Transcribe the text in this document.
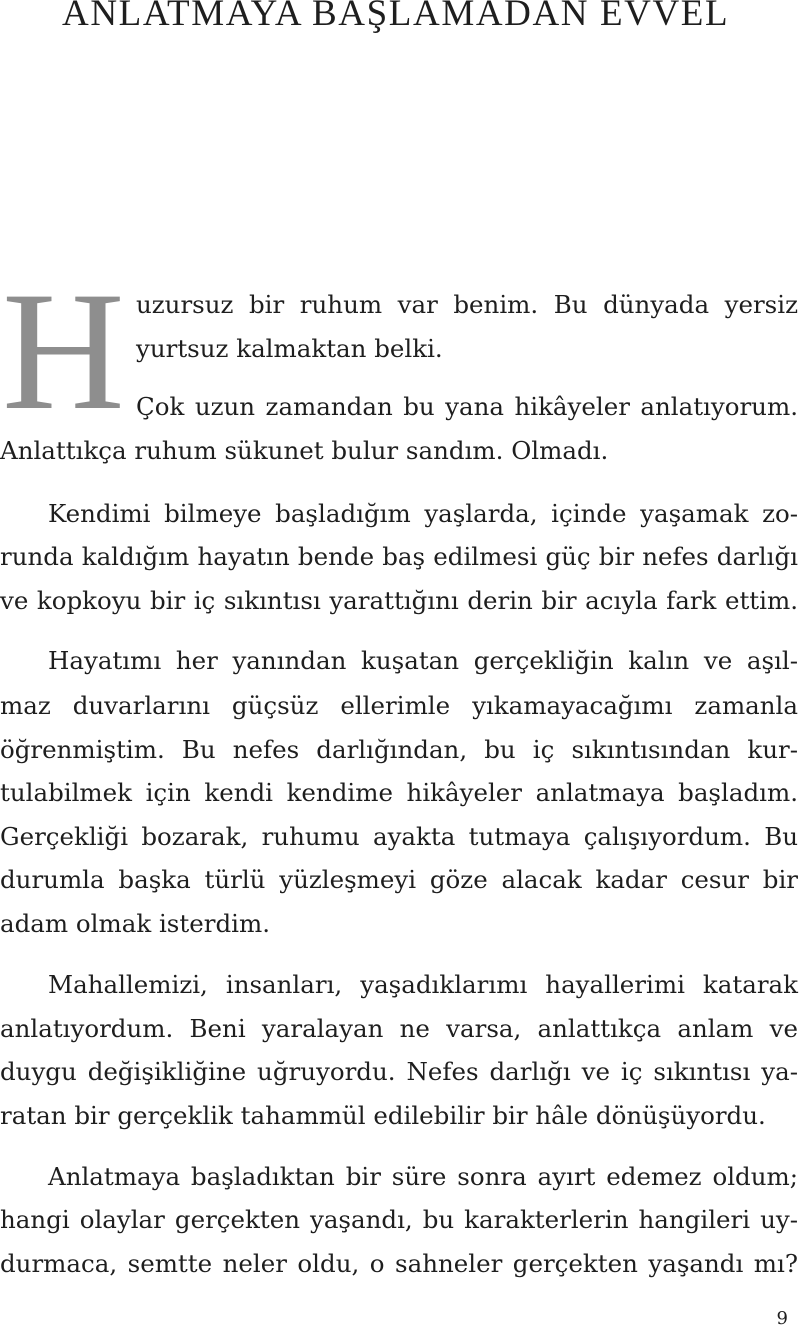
ANLATMAYA BAŞLAMADAN EVVEL
H uzursuz bir ruhum var benim. Bu dünyada yersiz
yurtsuz kalmaktan belki.
Çok uzun zamandan bu yana hikâyeler anlatıyorum.
Anlattıkça ruhum sükunet bulur sandım. Olmadı.
Kendimi bilmeye başladığım yaşlarda, içinde yaşamak zo-
runda kaldığım hayatın bende baş edilmesi güç bir nefes darlığı
ve kopkoyu bir iç sıkıntısı yarattığını derin bir acıyla fark ettim.
Hayatımı her yanından kuşatan gerçekliğin kalın ve aşıl-
maz duvarlarını güçsüz ellerimle yıkamayacağımı zamanla
öğrenmiştim. Bu nefes darlığından, bu iç sıkıntısından kur-
tulabilmek için kendi kendime hikâyeler anlatmaya başladım.
Gerçekliği bozarak, ruhumu ayakta tutmaya çalışıyordum. Bu
durumla başka türlü yüzleşmeyi göze alacak kadar cesur bir
adam olmak isterdim.
Mahallemizi, insanları, yaşadıklarımı hayallerimi katarak
anlatıyordum. Beni yaralayan ne varsa, anlattıkça anlam ve
duygu değişikliğine uğruyordu. Nefes darlığı ve iç sıkıntısı ya-
ratan bir gerçeklik tahammül edilebilir bir hâle dönüşüyordu.
Anlatmaya başladıktan bir süre sonra ayırt edemez oldum;
hangi olaylar gerçekten yaşandı, bu karakterlerin hangileri uy-
durmaca, semtte neler oldu, o sahneler gerçekten yaşandı mı?
9
